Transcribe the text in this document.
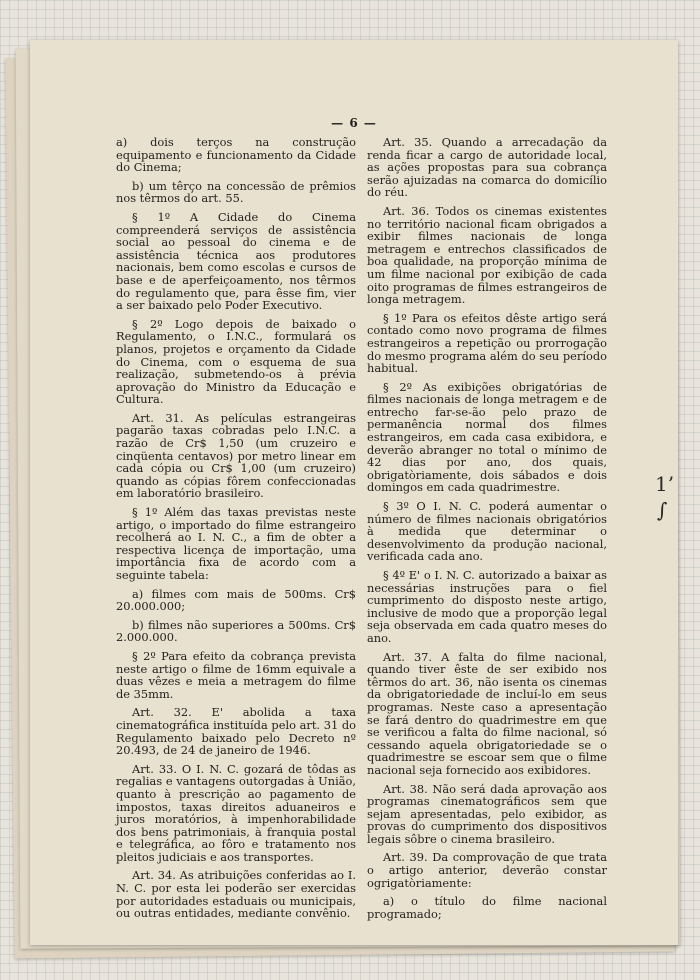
— 6 —

a) dois terços na construção equipamento e funcionamento da Cidade do Cinema;

b) um têrço na concessão de prêmios nos têrmos do art. 55.

§ 1º A Cidade do Cinema compreenderá serviços de assistência social ao pessoal do cinema e de assistência técnica aos produtores nacionais, bem como escolas e cursos de base e de aperfeiçoamento, nos têrmos do regulamento que, para êsse fim, vier a ser baixado pelo Poder Executivo.

§ 2º Logo depois de baixado o Regulamento, o I.N.C., formulará os planos, projetos e orçamento da Cidade do Cinema, com o esquema de sua realização, submetendo-os à prévia aprovação do Ministro da Educação e Cultura.

Art. 31. As películas estrangeiras pagarão taxas cobradas pelo I.N.C. a razão de Cr$ 1,50 (um cruzeiro e cinqüenta centavos) por metro linear em cada cópia ou Cr$ 1,00 (um cruzeiro) quando as cópias fôrem confeccionadas em laboratório brasileiro.

§ 1º Além das taxas previstas neste artigo, o importado do filme estrangeiro recolherá ao I. N. C., a fim de obter a respectiva licença de importação, uma importância fixa de acordo com a seguinte tabela:

a) filmes com mais de 500ms. Cr$ 20.000.000;

b) filmes não superiores a 500ms. Cr$ 2.000.000.

§ 2º Para efeito da cobrança prevista neste artigo o filme de 16mm equivale a duas vêzes e meia a metragem do filme de 35mm.

Art. 32. E' abolida a taxa cinematográfica instituída pelo art. 31 do Regulamento baixado pelo Decreto nº 20.493, de 24 de janeiro de 1946.

Art. 33. O I. N. C. gozará de tôdas as regalias e vantagens outorgadas à União, quanto à prescrição ao pagamento de impostos, taxas direitos aduaneiros e juros moratórios, à impenhorabilidade dos bens patrimoniais, à franquia postal e telegráfica, ao fôro e tratamento nos pleitos judiciais e aos transportes.

Art. 34. As atribuições conferidas ao I. N. C. por esta lei poderão ser exercidas por autoridades estaduais ou municipais, ou outras entidades, mediante convênio.

Art. 35. Quando a arrecadação da renda ficar a cargo de autoridade local, as ações propostas para sua cobrança serão ajuizadas na comarca do domicílio do réu.

Art. 36. Todos os cinemas existentes no território nacional ficam obrigados a exibir filmes nacionais de longa metragem e entrechos classificados de boa qualidade, na proporção mínima de um filme nacional por exibição de cada oito programas de filmes estrangeiros de longa metragem.

§ 1º Para os efeitos dêste artigo será contado como novo programa de filmes estrangeiros a repetição ou prorrogação do mesmo programa além do seu período habitual.

§ 2º As exibições obrigatórias de filmes nacionais de longa metragem e de entrecho far-se-ão pelo prazo de permanência normal dos filmes estrangeiros, em cada casa exibidora, e deverão abranger no total o mínimo de 42 dias por ano, dos quais, obrigatòriamente, dois sábados e dois domingos em cada quadrimestre.

§ 3º O I. N. C. poderá aumentar o número de filmes nacionais obrigatórios à medida que determinar o desenvolvimento da produção nacional, verificada cada ano.

§ 4º E' o I. N. C. autorizado a baixar as necessárias instruções para o fiel cumprimento do disposto neste artigo, inclusive de modo que a proporção legal seja observada em cada quatro meses do ano.

Art. 37. A falta do filme nacional, quando tiver êste de ser exibido nos têrmos do art. 36, não isenta os cinemas da obrigatoriedade de incluí-lo em seus programas. Neste caso a apresentação se fará dentro do quadrimestre em que se verificou a falta do filme nacional, só cessando aquela obrigatoriedade se o quadrimestre se escoar sem que o filme nacional seja fornecido aos exibidores.

Art. 38. Não será dada aprovação aos programas cinematográficos sem que sejam apresentadas, pelo exibidor, as provas do cumprimento dos dispositivos legais sôbre o cinema brasileiro.

Art. 39. Da comprovação de que trata o artigo anterior, deverão constar ogrigatòriamente:

a) o título do filme nacional programado;

1’
∫
